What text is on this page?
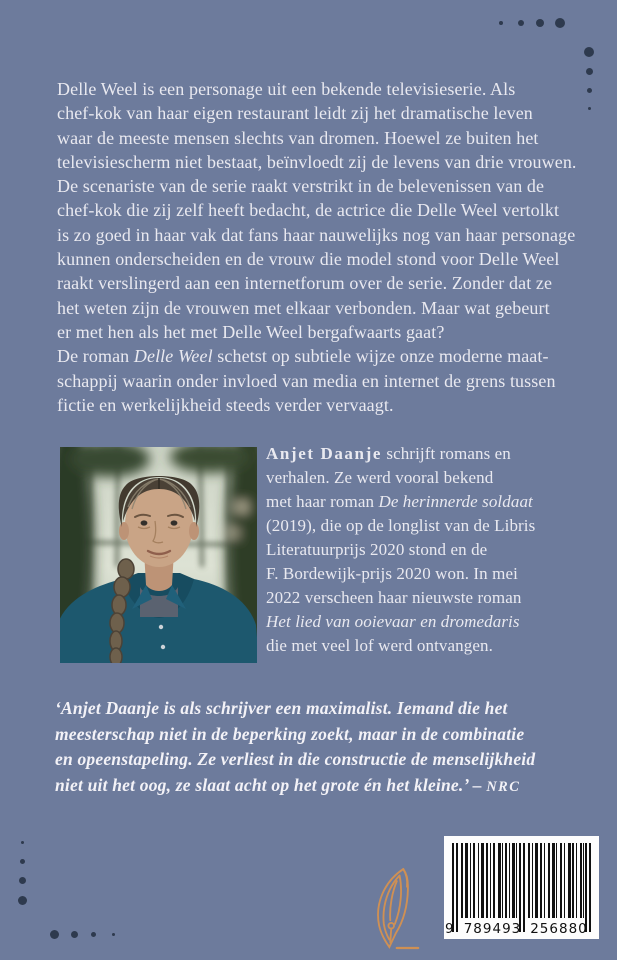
Delle Weel is een personage uit een bekende televisieserie. Als
chef-kok van haar eigen restaurant leidt zij het dramatische leven
waar de meeste mensen slechts van dromen. Hoewel ze buiten het
televisiescherm niet bestaat, beïnvloedt zij de levens van drie vrouwen.
De scenariste van de serie raakt verstrikt in de belevenissen van de
chef-kok die zij zelf heeft bedacht, de actrice die Delle Weel vertolkt
is zo goed in haar vak dat fans haar nauwelijks nog van haar personage
kunnen onderscheiden en de vrouw die model stond voor Delle Weel
raakt verslingerd aan een internetforum over de serie. Zonder dat ze
het weten zijn de vrouwen met elkaar verbonden. Maar wat gebeurt
er met hen als het met Delle Weel bergafwaarts gaat?
De roman Delle Weel schetst op subtiele wijze onze moderne maat-
schappij waarin onder invloed van media en internet de grens tussen
fictie en werkelijkheid steeds verder vervaagt.
Anjet Daanje schrijft romans en
verhalen. Ze werd vooral bekend
met haar roman De herinnerde soldaat
(2019), die op de longlist van de Libris
Literatuurprijs 2020 stond en de
F. Bordewijk-prijs 2020 won. In mei
2022 verscheen haar nieuwste roman
Het lied van ooievaar en dromedaris
die met veel lof werd ontvangen.
‘Anjet Daanje is als schrijver een maximalist. Iemand die het
meesterschap niet in de beperking zoekt, maar in de combinatie
en opeenstapeling. Ze verliest in die constructie de menselijkheid
niet uit het oog, ze slaat acht op het grote én het kleine.’ – NRC
9 789493 256880
